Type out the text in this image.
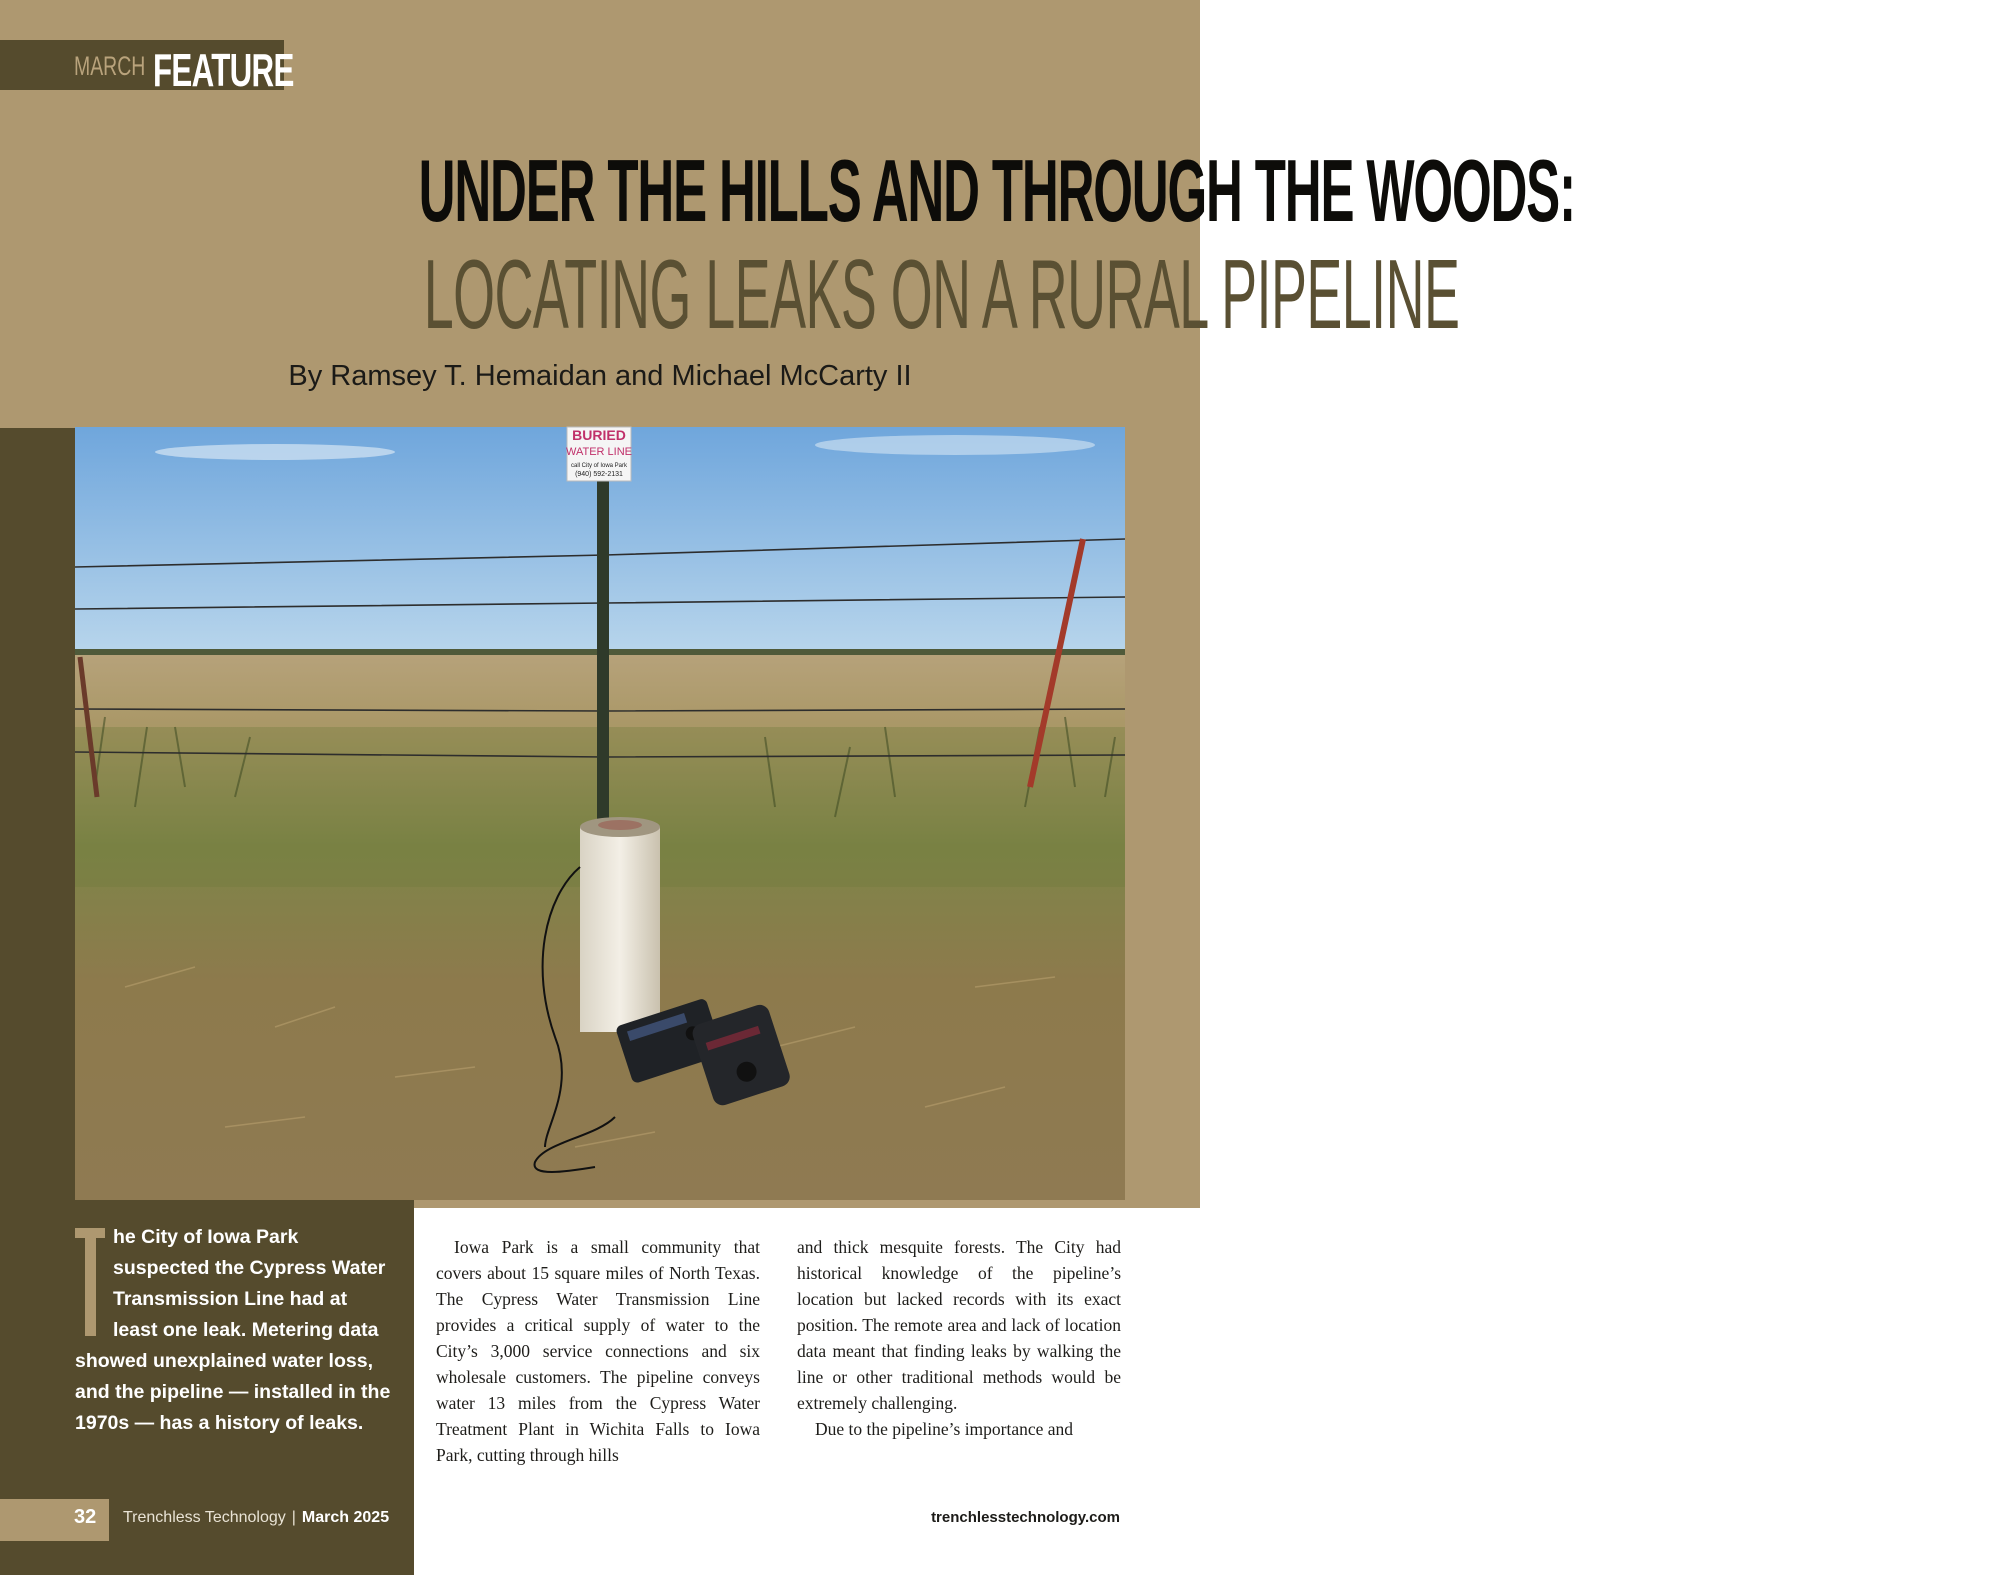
MARCH FEATURE
UNDER THE HILLS AND THROUGH THE WOODS:
LOCATING LEAKS ON A RURAL PIPELINE
By Ramsey T. Hemaidan and Michael McCarty II
BURIED
WATER LINE
call City of Iowa Park
(940) 592-2131
he City of Iowa Park suspected the Cypress Water Transmission Line had at least one leak. Metering data showed unexplained water loss, and the pipeline — installed in the 1970s — has a history of leaks.

Iowa Park is a small community that covers about 15 square miles of North Texas. The Cypress Water Transmission Line provides a critical supply of water to the City’s 3,000 service connections and six wholesale customers. The pipeline conveys water 13 miles from the Cypress Water Treatment Plant in Wichita Falls to Iowa Park, cutting through hills

and thick mesquite forests. The City had historical knowledge of the pipeline’s location but lacked records with its exact position. The remote area and lack of location data meant that finding leaks by walking the line or other traditional methods would be extremely challenging.

Due to the pipeline’s importance and

32 Trenchless Technology | March 2025	trenchlesstechnology.com
